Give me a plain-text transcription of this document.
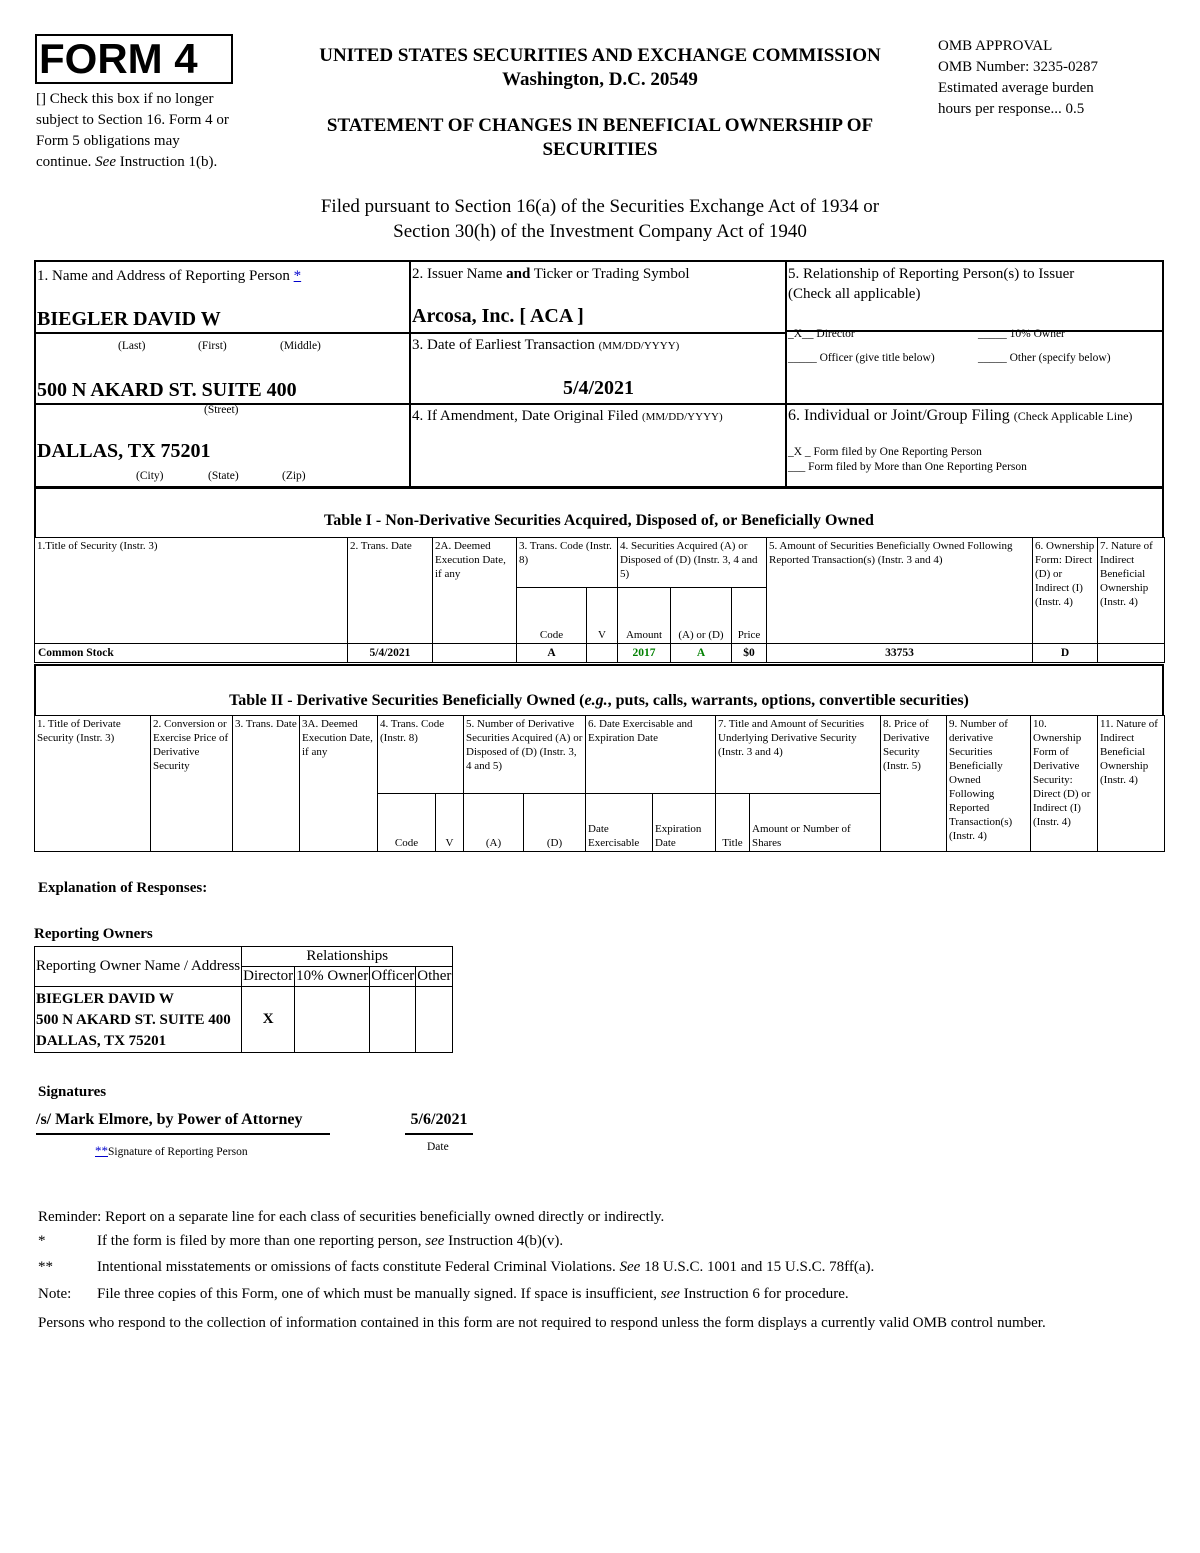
FORM 4
[] Check this box if no longer
subject to Section 16. Form 4 or
Form 5 obligations may
continue. See Instruction 1(b).
UNITED STATES SECURITIES AND EXCHANGE COMMISSION
Washington, D.C. 20549
STATEMENT OF CHANGES IN BENEFICIAL OWNERSHIP OF
SECURITIES
OMB APPROVAL
OMB Number: 3235-0287
Estimated average burden
hours per response... 0.5
Filed pursuant to Section 16(a) of the Securities Exchange Act of 1934 or
Section 30(h) of the Investment Company Act of 1940
1. Name and Address of Reporting Person *
BIEGLER DAVID W
(Last)	(First)	(Middle)
500 N AKARD ST. SUITE 400
(Street)
DALLAS, TX 75201
(City)	(State)	(Zip)
2. Issuer Name and Ticker or Trading Symbol
Arcosa, Inc. [ ACA ]
3. Date of Earliest Transaction (MM/DD/YYYY)
5/4/2021
4. If Amendment, Date Original Filed (MM/DD/YYYY)
5. Relationship of Reporting Person(s) to Issuer
(Check all applicable)
_X__ Director	_____ 10% Owner
_____ Officer (give title below)	_____ Other (specify below)
6. Individual or Joint/Group Filing (Check Applicable Line)
_X _ Form filed by One Reporting Person
___ Form filed by More than One Reporting Person
Table I - Non-Derivative Securities Acquired, Disposed of, or Beneficially Owned
1.Title of Security (Instr. 3)	2. Trans. Date	2A. Deemed Execution Date, if any	3. Trans. Code (Instr. 8)		4. Securities Acquired (A) or Disposed of (D) (Instr. 3, 4 and 5)			5. Amount of Securities Beneficially Owned Following Reported Transaction(s) (Instr. 3 and 4)	6. Ownership Form: Direct (D) or Indirect (I) (Instr. 4)	7. Nature of Indirect Beneficial Ownership (Instr. 4)
			Code	V	Amount	(A) or (D)	Price			
Common Stock	5/4/2021		A		2017	A	$0	33753	D	
Table II - Derivative Securities Beneficially Owned (e.g., puts, calls, warrants, options, convertible securities)
1. Title of Derivate Security (Instr. 3)	2. Conversion or Exercise Price of Derivative Security	3. Trans. Date	3A. Deemed Execution Date, if any	4. Trans. Code (Instr. 8)		5. Number of Derivative Securities Acquired (A) or Disposed of (D) (Instr. 3, 4 and 5)		6. Date Exercisable and Expiration Date		7. Title and Amount of Securities Underlying Derivative Security (Instr. 3 and 4)		8. Price of Derivative Security (Instr. 5)	9. Number of derivative Securities Beneficially Owned Following Reported Transaction(s) (Instr. 4)	10. Ownership Form of Derivative Security: Direct (D) or Indirect (I) (Instr. 4)	11. Nature of Indirect Beneficial Ownership (Instr. 4)
				Code	V	(A)	(D)	Date Exercisable	Expiration Date	Title	Amount or Number of Shares				
Explanation of Responses:
Reporting Owners
Reporting Owner Name / Address	Relationships			
	Director	10% Owner	Officer	Other

BIEGLER DAVID W
500 N AKARD ST. SUITE 400
DALLAS, TX 75201	X			
Signatures
/s/ Mark Elmore, by Power of Attorney	5/6/2021
**Signature of Reporting Person	Date
Reminder: Report on a separate line for each class of securities beneficially owned directly or indirectly.
*	If the form is filed by more than one reporting person, see Instruction 4(b)(v).
**	Intentional misstatements or omissions of facts constitute Federal Criminal Violations. See 18 U.S.C. 1001 and 15 U.S.C. 78ff(a).
Note: File three copies of this Form, one of which must be manually signed. If space is insufficient, see Instruction 6 for procedure.
Persons who respond to the collection of information contained in this form are not required to respond unless the form displays a currently valid OMB control number.
